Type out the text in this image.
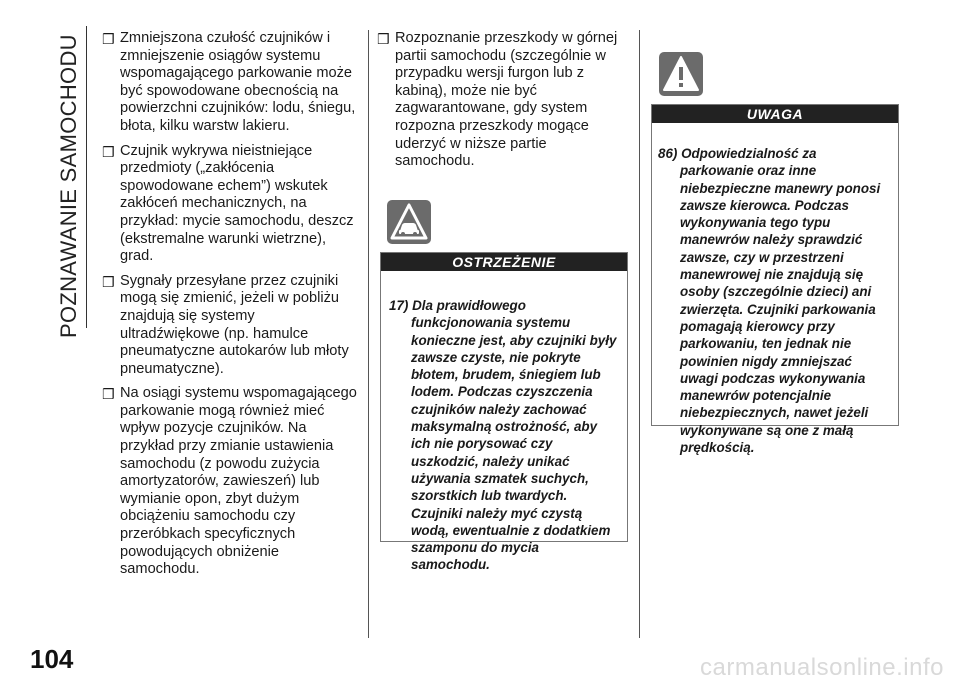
POZNAWANIE SAMOCHODU ❒ Zmniejszona czułość czujników i zmniejszenie osiągów systemu wspomagającego parkowanie może być spowodowane obecnością na powierzchni czujników: lodu, śniegu, błota, kilku warstw lakieru.
❒ Czujnik wykrywa nieistniejące przedmioty („zakłócenia spowodowane echem”) wskutek zakłóceń mechanicznych, na przykład: mycie samochodu, deszcz (ekstremalne warunki wietrzne), grad.
❒ Sygnały przesyłane przez czujniki mogą się zmienić, jeżeli w pobliżu znajdują się systemy ultradźwiękowe (np. hamulce pneumatyczne autokarów lub młoty pneumatyczne).
❒ Na osiągi systemu wspomagającego parkowanie mogą również mieć wpływ pozycje czujników. Na przykład przy zmianie ustawienia samochodu (z powodu zużycia amortyzatorów, zawieszeń) lub wymianie opon, zbyt dużym obciążeniu samochodu czy przeróbkach specyficznych powodujących obniżenie samochodu.
❒ Rozpoznanie przeszkody w górnej partii samochodu (szczególnie w przypadku wersji furgon lub z kabiną), może nie być zagwarantowane, gdy system rozpozna przeszkody mogące uderzyć w niższe partie samochodu.
OSTRZEŻENIE
17) Dla prawidłowego funkcjonowania systemu konieczne jest, aby czujniki były zawsze czyste, nie pokryte błotem, brudem, śniegiem lub lodem. Podczas czyszczenia czujników należy zachować maksymalną ostrożność, aby ich nie porysować czy uszkodzić, należy unikać używania szmatek suchych, szorstkich lub twardych. Czujniki należy myć czystą wodą, ewentualnie z dodatkiem szamponu do mycia samochodu.
UWAGA
86) Odpowiedzialność za parkowanie oraz inne niebezpieczne manewry ponosi zawsze kierowca. Podczas wykonywania tego typu manewrów należy sprawdzić zawsze, czy w przestrzeni manewrowej nie znajdują się osoby (szczególnie dzieci) ani zwierzęta. Czujniki parkowania pomagają kierowcy przy parkowaniu, ten jednak nie powinien nigdy zmniejszać uwagi podczas wykonywania manewrów potencjalnie niebezpiecznych, nawet jeżeli wykonywane są one z małą prędkością.
104	carmanualsonline.info
